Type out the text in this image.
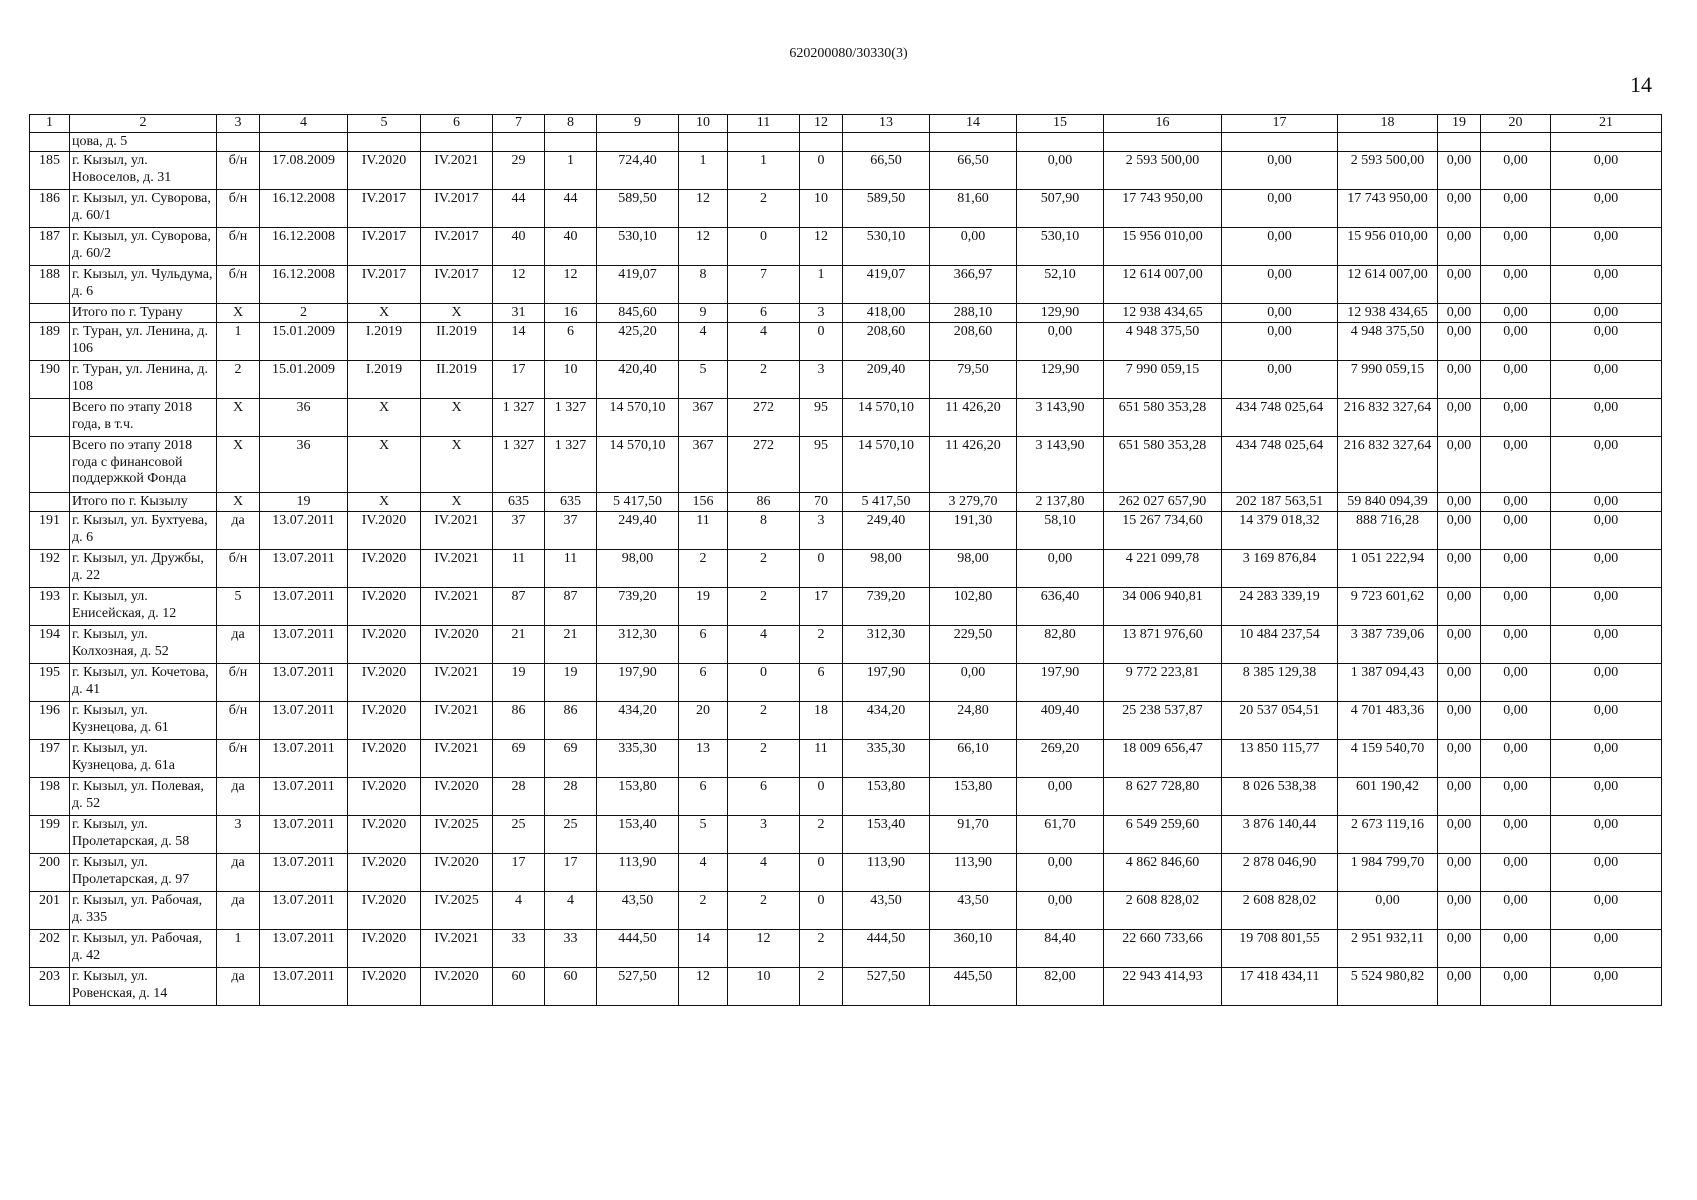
620200080/30330(3)
14
1	2	3	4	5	6	7	8	9	10	11	12	13	14	15	16	17	18	19	20	21
	цова, д. 5																			
185	г. Кызыл, ул. Новоселов, д. 31	б/н	17.08.2009	IV.2020	IV.2021	29	1	724,40	1	1	0	66,50	66,50	0,00	2 593 500,00	0,00	2 593 500,00	0,00	0,00	0,00
186	г. Кызыл, ул. Суворова, д. 60/1	б/н	16.12.2008	IV.2017	IV.2017	44	44	589,50	12	2	10	589,50	81,60	507,90	17 743 950,00	0,00	17 743 950,00	0,00	0,00	0,00
187	г. Кызыл, ул. Суворова, д. 60/2	б/н	16.12.2008	IV.2017	IV.2017	40	40	530,10	12	0	12	530,10	0,00	530,10	15 956 010,00	0,00	15 956 010,00	0,00	0,00	0,00
188	г. Кызыл, ул. Чульдума, д. 6	б/н	16.12.2008	IV.2017	IV.2017	12	12	419,07	8	7	1	419,07	366,97	52,10	12 614 007,00	0,00	12 614 007,00	0,00	0,00	0,00
	Итого по г. Турану	X	2	X	X	31	16	845,60	9	6	3	418,00	288,10	129,90	12 938 434,65	0,00	12 938 434,65	0,00	0,00	0,00
189	г. Туран, ул. Ленина, д. 106	1	15.01.2009	I.2019	II.2019	14	6	425,20	4	4	0	208,60	208,60	0,00	4 948 375,50	0,00	4 948 375,50	0,00	0,00	0,00
190	г. Туран, ул. Ленина, д. 108	2	15.01.2009	I.2019	II.2019	17	10	420,40	5	2	3	209,40	79,50	129,90	7 990 059,15	0,00	7 990 059,15	0,00	0,00	0,00
	Всего по этапу 2018 года, в т.ч.	X	36	X	X	1 327	1 327	14 570,10	367	272	95	14 570,10	11 426,20	3 143,90	651 580 353,28	434 748 025,64	216 832 327,64	0,00	0,00	0,00
	Всего по этапу 2018 года с финансовой поддержкой Фонда	X	36	X	X	1 327	1 327	14 570,10	367	272	95	14 570,10	11 426,20	3 143,90	651 580 353,28	434 748 025,64	216 832 327,64	0,00	0,00	0,00
	Итого по г. Кызылу	X	19	X	X	635	635	5 417,50	156	86	70	5 417,50	3 279,70	2 137,80	262 027 657,90	202 187 563,51	59 840 094,39	0,00	0,00	0,00
191	г. Кызыл, ул. Бухтуева, д. 6	да	13.07.2011	IV.2020	IV.2021	37	37	249,40	11	8	3	249,40	191,30	58,10	15 267 734,60	14 379 018,32	888 716,28	0,00	0,00	0,00
192	г. Кызыл, ул. Дружбы, д. 22	б/н	13.07.2011	IV.2020	IV.2021	11	11	98,00	2	2	0	98,00	98,00	0,00	4 221 099,78	3 169 876,84	1 051 222,94	0,00	0,00	0,00
193	г. Кызыл, ул. Енисейская, д. 12	5	13.07.2011	IV.2020	IV.2021	87	87	739,20	19	2	17	739,20	102,80	636,40	34 006 940,81	24 283 339,19	9 723 601,62	0,00	0,00	0,00
194	г. Кызыл, ул. Колхозная, д. 52	да	13.07.2011	IV.2020	IV.2020	21	21	312,30	6	4	2	312,30	229,50	82,80	13 871 976,60	10 484 237,54	3 387 739,06	0,00	0,00	0,00
195	г. Кызыл, ул. Кочетова, д. 41	б/н	13.07.2011	IV.2020	IV.2021	19	19	197,90	6	0	6	197,90	0,00	197,90	9 772 223,81	8 385 129,38	1 387 094,43	0,00	0,00	0,00
196	г. Кызыл, ул. Кузнецова, д. 61	б/н	13.07.2011	IV.2020	IV.2021	86	86	434,20	20	2	18	434,20	24,80	409,40	25 238 537,87	20 537 054,51	4 701 483,36	0,00	0,00	0,00
197	г. Кызыл, ул. Кузнецова, д. 61а	б/н	13.07.2011	IV.2020	IV.2021	69	69	335,30	13	2	11	335,30	66,10	269,20	18 009 656,47	13 850 115,77	4 159 540,70	0,00	0,00	0,00
198	г. Кызыл, ул. Полевая, д. 52	да	13.07.2011	IV.2020	IV.2020	28	28	153,80	6	6	0	153,80	153,80	0,00	8 627 728,80	8 026 538,38	601 190,42	0,00	0,00	0,00
199	г. Кызыл, ул. Пролетарская, д. 58	3	13.07.2011	IV.2020	IV.2025	25	25	153,40	5	3	2	153,40	91,70	61,70	6 549 259,60	3 876 140,44	2 673 119,16	0,00	0,00	0,00
200	г. Кызыл, ул. Пролетарская, д. 97	да	13.07.2011	IV.2020	IV.2020	17	17	113,90	4	4	0	113,90	113,90	0,00	4 862 846,60	2 878 046,90	1 984 799,70	0,00	0,00	0,00
201	г. Кызыл, ул. Рабочая, д. 335	да	13.07.2011	IV.2020	IV.2025	4	4	43,50	2	2	0	43,50	43,50	0,00	2 608 828,02	2 608 828,02	0,00	0,00	0,00	0,00
202	г. Кызыл, ул. Рабочая, д. 42	1	13.07.2011	IV.2020	IV.2021	33	33	444,50	14	12	2	444,50	360,10	84,40	22 660 733,66	19 708 801,55	2 951 932,11	0,00	0,00	0,00
203	г. Кызыл, ул. Ровенская, д. 14	да	13.07.2011	IV.2020	IV.2020	60	60	527,50	12	10	2	527,50	445,50	82,00	22 943 414,93	17 418 434,11	5 524 980,82	0,00	0,00	0,00
